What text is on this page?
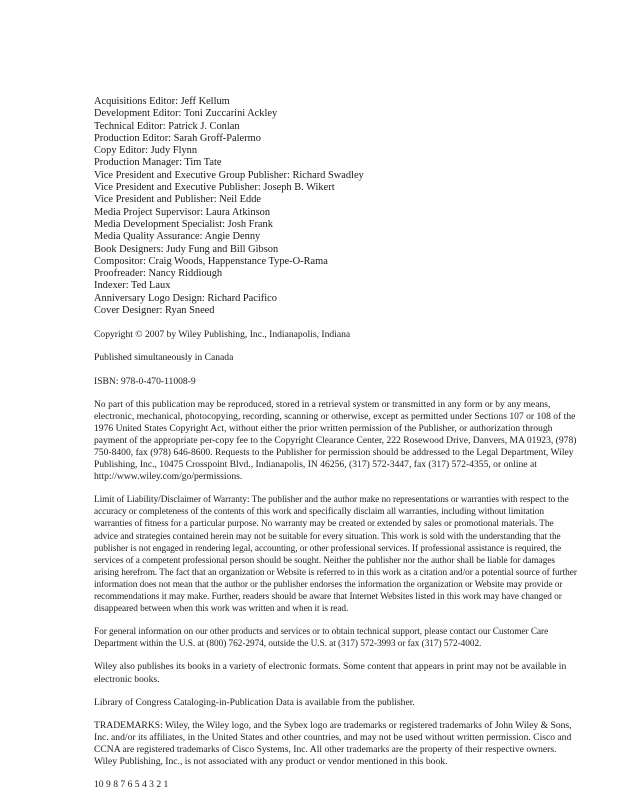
Acquisitions Editor: Jeff Kellum
Development Editor: Toni Zuccarini Ackley
Technical Editor: Patrick J. Conlan
Production Editor: Sarah Groff-Palermo
Copy Editor: Judy Flynn
Production Manager: Tim Tate
Vice President and Executive Group Publisher: Richard Swadley
Vice President and Executive Publisher: Joseph B. Wikert
Vice President and Publisher: Neil Edde
Media Project Supervisor: Laura Atkinson
Media Development Specialist: Josh Frank
Media Quality Assurance: Angie Denny
Book Designers: Judy Fung and Bill Gibson
Compositor: Craig Woods, Happenstance Type-O-Rama
Proofreader: Nancy Riddiough
Indexer: Ted Laux
Anniversary Logo Design: Richard Pacifico
Cover Designer: Ryan Sneed

Copyright © 2007 by Wiley Publishing, Inc., Indianapolis, Indiana

Published simultaneously in Canada

ISBN: 978-0-470-11008-9

No part of this publication may be reproduced, stored in a retrieval system or transmitted in any form or by any means, electronic, mechanical, photocopying, recording, scanning or otherwise, except as permitted under Sections 107 or 108 of the 1976 United States Copyright Act, without either the prior written permission of the Publisher, or authorization through payment of the appropriate per-copy fee to the Copyright Clearance Center, 222 Rosewood Drive, Danvers, MA 01923, (978) 750-8400, fax (978) 646-8600. Requests to the Publisher for permission should be addressed to the Legal Department, Wiley Publishing, Inc., 10475 Crosspoint Blvd., Indianapolis, IN 46256, (317) 572-3447, fax (317) 572-4355, or online at http://www.wiley.com/go/permissions.

Limit of Liability/Disclaimer of Warranty: The publisher and the author make no representations or warranties with respect to the accuracy or completeness of the contents of this work and specifically disclaim all warranties, including without limitation warranties of fitness for a particular purpose. No warranty may be created or extended by sales or promotional materials. The advice and strategies contained herein may not be suitable for every situation. This work is sold with the understanding that the publisher is not engaged in rendering legal, accounting, or other professional services. If professional assistance is required, the services of a competent professional person should be sought. Neither the publisher nor the author shall be liable for damages arising herefrom. The fact that an organization or Website is referred to in this work as a citation and/or a potential source of further information does not mean that the author or the publisher endorses the information the organization or Website may provide or recommendations it may make. Further, readers should be aware that Internet Websites listed in this work may have changed or disappeared between when this work was written and when it is read.

For general information on our other products and services or to obtain technical support, please contact our Customer Care Department within the U.S. at (800) 762-2974, outside the U.S. at (317) 572-3993 or fax (317) 572-4002.

Wiley also publishes its books in a variety of electronic formats. Some content that appears in print may not be available in electronic books.

Library of Congress Cataloging-in-Publication Data is available from the publisher.

TRADEMARKS: Wiley, the Wiley logo, and the Sybex logo are trademarks or registered trademarks of John Wiley & Sons, Inc. and/or its affiliates, in the United States and other countries, and may not be used without written permission. Cisco and CCNA are registered trademarks of Cisco Systems, Inc. All other trademarks are the property of their respective owners. Wiley Publishing, Inc., is not associated with any product or vendor mentioned in this book.

10 9 8 7 6 5 4 3 2 1
